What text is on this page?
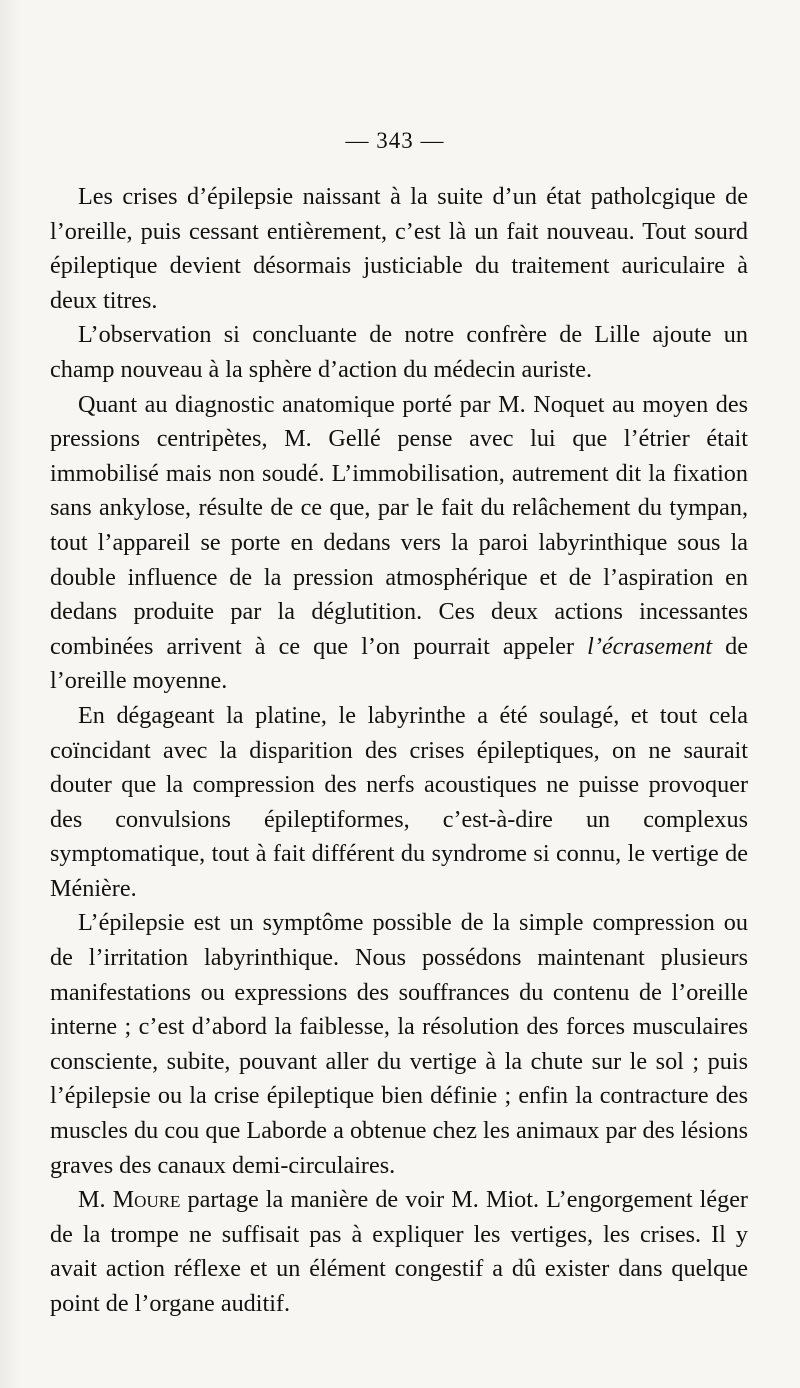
— 343 —

Les crises d’épilepsie naissant à la suite d’un état patholcgique de l’oreille, puis cessant entièrement, c’est là un fait nouveau. Tout sourd épileptique devient désormais justiciable du traitement auriculaire à deux titres.

L’observation si concluante de notre confrère de Lille ajoute un champ nouveau à la sphère d’action du médecin auriste.

Quant au diagnostic anatomique porté par M. Noquet au moyen des pressions centripètes, M. Gellé pense avec lui que l’étrier était immobilisé mais non soudé. L’immobilisation, autrement dit la fixation sans ankylose, résulte de ce que, par le fait du relâchement du tympan, tout l’appareil se porte en dedans vers la paroi labyrinthique sous la double influence de la pression atmosphérique et de l’aspiration en dedans produite par la déglutition. Ces deux actions incessantes combinées arrivent à ce que l’on pourrait appeler l’écrasement de l’oreille moyenne.

En dégageant la platine, le labyrinthe a été soulagé, et tout cela coïncidant avec la disparition des crises épileptiques, on ne saurait douter que la compression des nerfs acoustiques ne puisse provoquer des convulsions épileptiformes, c’est-à-dire un complexus symptomatique, tout à fait différent du syndrome si connu, le vertige de Ménière.

L’épilepsie est un symptôme possible de la simple compression ou de l’irritation labyrinthique. Nous possédons maintenant plusieurs manifestations ou expressions des souffrances du contenu de l’oreille interne ; c’est d’abord la faiblesse, la résolution des forces musculaires consciente, subite, pouvant aller du vertige à la chute sur le sol ; puis l’épilepsie ou la crise épileptique bien définie ; enfin la contracture des muscles du cou que Laborde a obtenue chez les animaux par des lésions graves des canaux demi-circulaires.

M. Moure partage la manière de voir M. Miot. L’engorgement léger de la trompe ne suffisait pas à expliquer les vertiges, les crises. Il y avait action réflexe et un élément congestif a dû exister dans quelque point de l’organe auditif.
